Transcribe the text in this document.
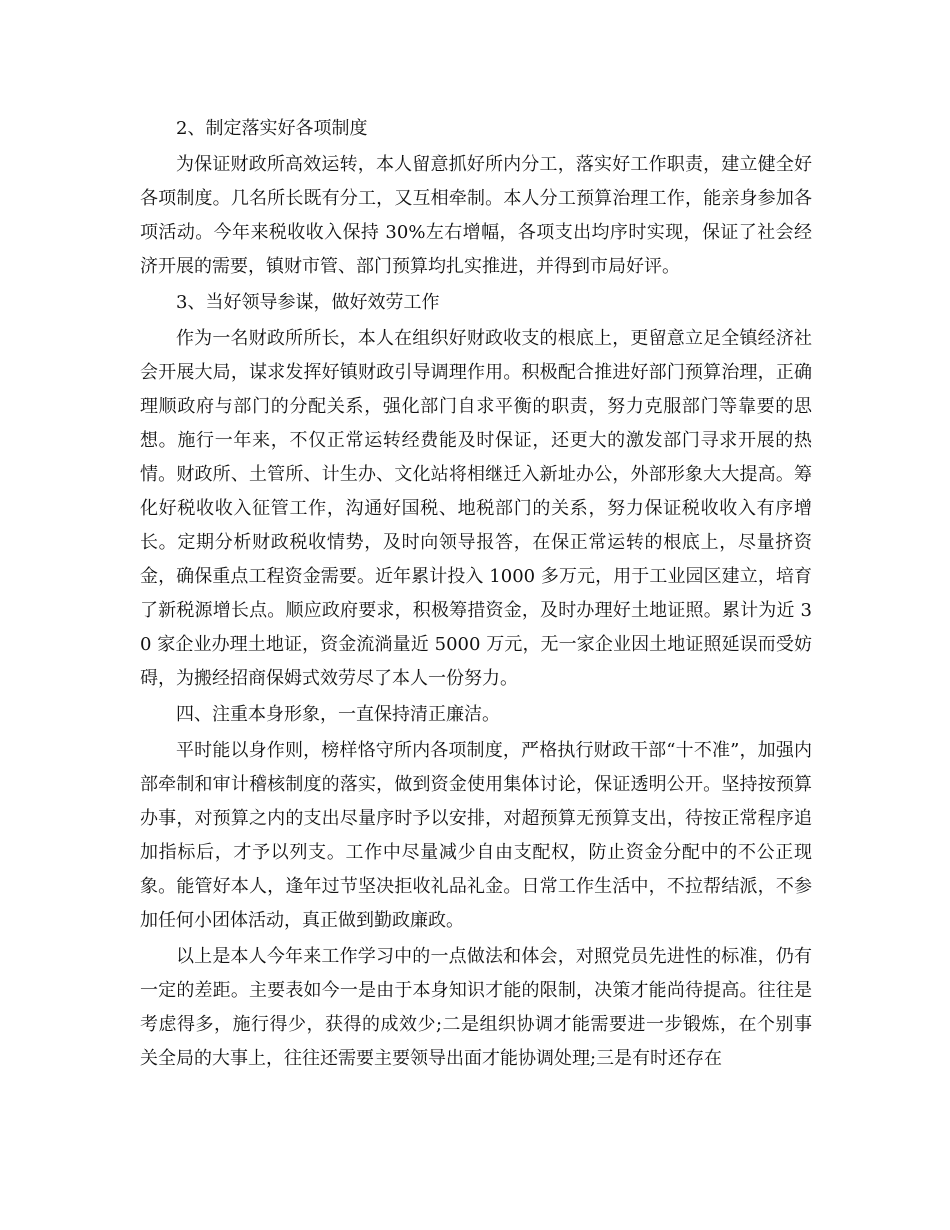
2、制定落实好各项制度

为保证财政所高效运转，本人留意抓好所内分工，落实好工作职责，建立健全好各项制度。几名所长既有分工，又互相牵制。本人分工预算治理工作，能亲身参加各项活动。今年来税收收入保持 30%左右增幅，各项支出均序时实现，保证了社会经济开展的需要，镇财市管、部门预算均扎实推进，并得到市局好评。

3、当好领导参谋，做好效劳工作

作为一名财政所所长，本人在组织好财政收支的根底上，更留意立足全镇经济社会开展大局，谋求发挥好镇财政引导调理作用。积极配合推进好部门预算治理，正确理顺政府与部门的分配关系，强化部门自求平衡的职责，努力克服部门等靠要的思想。施行一年来，不仅正常运转经费能及时保证，还更大的激发部门寻求开展的热情。财政所、土管所、计生办、文化站将相继迁入新址办公，外部形象大大提高。筹化好税收收入征管工作，沟通好国税、地税部门的关系，努力保证税收收入有序增长。定期分析财政税收情势，及时向领导报答，在保正常运转的根底上，尽量挤资金，确保重点工程资金需要。近年累计投入 1000 多万元，用于工业园区建立，培育了新税源增长点。顺应政府要求，积极筹措资金，及时办理好土地证照。累计为近 30 家企业办理土地证，资金流淌量近 5000 万元，无一家企业因土地证照延误而受妨碍，为搬经招商保姆式效劳尽了本人一份努力。

四、注重本身形象，一直保持清正廉洁。

平时能以身作则，榜样恪守所内各项制度，严格执行财政干部“十不准”，加强内部牵制和审计稽核制度的落实，做到资金使用集体讨论，保证透明公开。坚持按预算办事，对预算之内的支出尽量序时予以安排，对超预算无预算支出，待按正常程序追加指标后，才予以列支。工作中尽量减少自由支配权，防止资金分配中的不公正现象。能管好本人，逢年过节坚决拒收礼品礼金。日常工作生活中，不拉帮结派，不参加任何小团体活动，真正做到勤政廉政。

以上是本人今年来工作学习中的一点做法和体会，对照党员先进性的标准，仍有一定的差距。主要表如今一是由于本身知识才能的限制，决策才能尚待提高。往往是考虑得多，施行得少，获得的成效少;二是组织协调才能需要进一步锻炼，在个别事关全局的大事上，往往还需要主要领导出面才能协调处理;三是有时还存在
